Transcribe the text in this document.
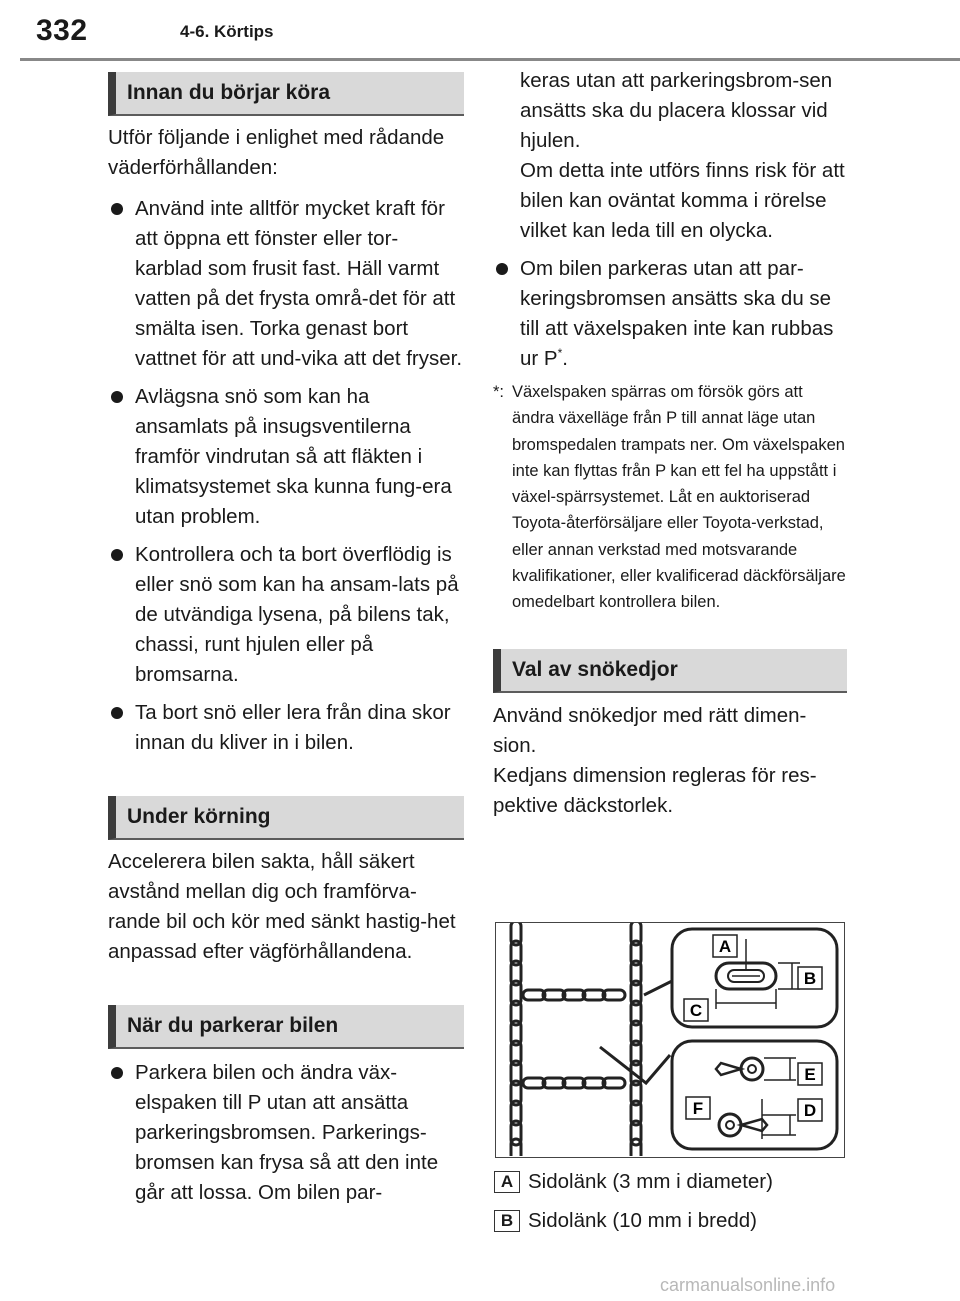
332	4-6. Körtips
Innan du börjar köra

Utför följande i enlighet med rådande väderförhållanden:

Använd inte alltför mycket kraft för att öppna ett fönster eller tor-karblad som frusit fast. Häll varmt vatten på det frysta områ-det för att smälta isen. Torka genast bort vattnet för att und-vika att det fryser.

Avlägsna snö som kan ha ansamlats på insugsventilerna framför vindrutan så att fläkten i klimatsystemet ska kunna fung-era utan problem.

Kontrollera och ta bort överflödig is eller snö som kan ha ansam-lats på de utvändiga lysena, på bilens tak, chassi, runt hjulen eller på bromsarna.

Ta bort snö eller lera från dina skor innan du kliver in i bilen.

Under körning

Accelerera bilen sakta, håll säkert avstånd mellan dig och framförva-rande bil och kör med sänkt hastig-het anpassad efter vägförhållandena.

När du parkerar bilen

Parkera bilen och ändra väx-elspaken till P utan att ansätta parkeringsbromsen. Parkerings-bromsen kan frysa så att den inte går att lossa. Om bilen par-

keras utan att parkeringsbrom-sen ansätts ska du placera klossar vid hjulen.

Om detta inte utförs finns risk för att bilen kan oväntat komma i rörelse vilket kan leda till en olycka.

Om bilen parkeras utan att par-keringsbromsen ansätts ska du se till att växelspaken inte kan rubbas ur P*.

*: Växelspaken spärras om försök görs att ändra växelläge från P till annat läge utan bromspedalen trampats ner. Om växelspaken inte kan flyttas från P kan ett fel ha uppstått i växel-spärrsystemet. Låt en auktoriserad Toyota-återförsäljare eller Toyota-verkstad, eller annan verkstad med motsvarande kvalifikationer, eller kvalificerad däckförsäljare omedelbart kontrollera bilen.

Val av snökedjor

Använd snökedjor med rätt dimen-sion.

Kedjans dimension regleras för res-pektive däckstorlek.

A
B
C
E
D
F
A Sidolänk (3 mm i diameter)
B Sidolänk (10 mm i bredd)
carmanualsonline.info
